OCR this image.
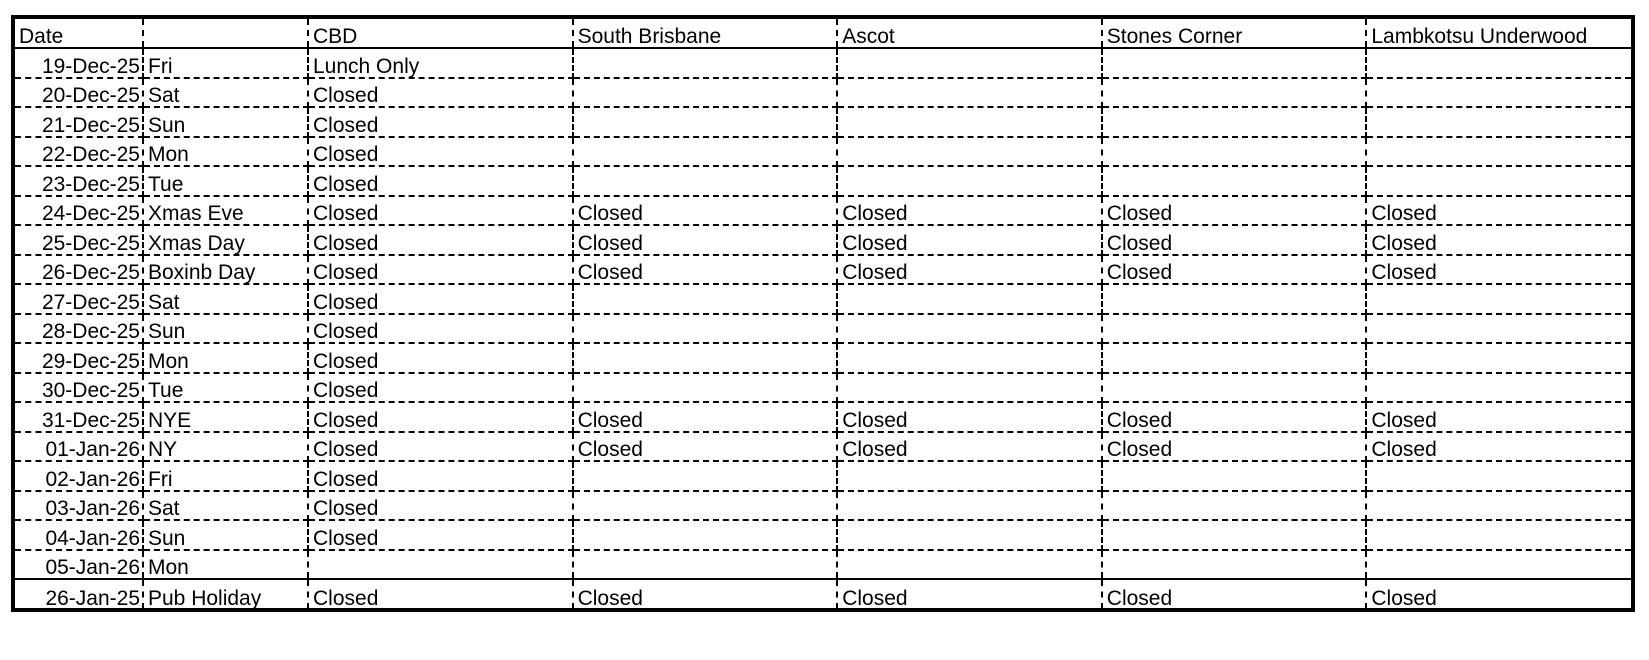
Date		CBD	South Brisbane	Ascot	Stones Corner	Lambkotsu Underwood
19-Dec-25	Fri	Lunch Only				
20-Dec-25	Sat	Closed				
21-Dec-25	Sun	Closed				
22-Dec-25	Mon	Closed				
23-Dec-25	Tue	Closed				
24-Dec-25	Xmas Eve	Closed	Closed	Closed	Closed	Closed
25-Dec-25	Xmas Day	Closed	Closed	Closed	Closed	Closed
26-Dec-25	Boxinb Day	Closed	Closed	Closed	Closed	Closed
27-Dec-25	Sat	Closed				
28-Dec-25	Sun	Closed				
29-Dec-25	Mon	Closed				
30-Dec-25	Tue	Closed				
31-Dec-25	NYE	Closed	Closed	Closed	Closed	Closed
01-Jan-26	NY	Closed	Closed	Closed	Closed	Closed
02-Jan-26	Fri	Closed				
03-Jan-26	Sat	Closed				
04-Jan-26	Sun	Closed				
05-Jan-26	Mon					
26-Jan-25	Pub Holiday	Closed	Closed	Closed	Closed	Closed
